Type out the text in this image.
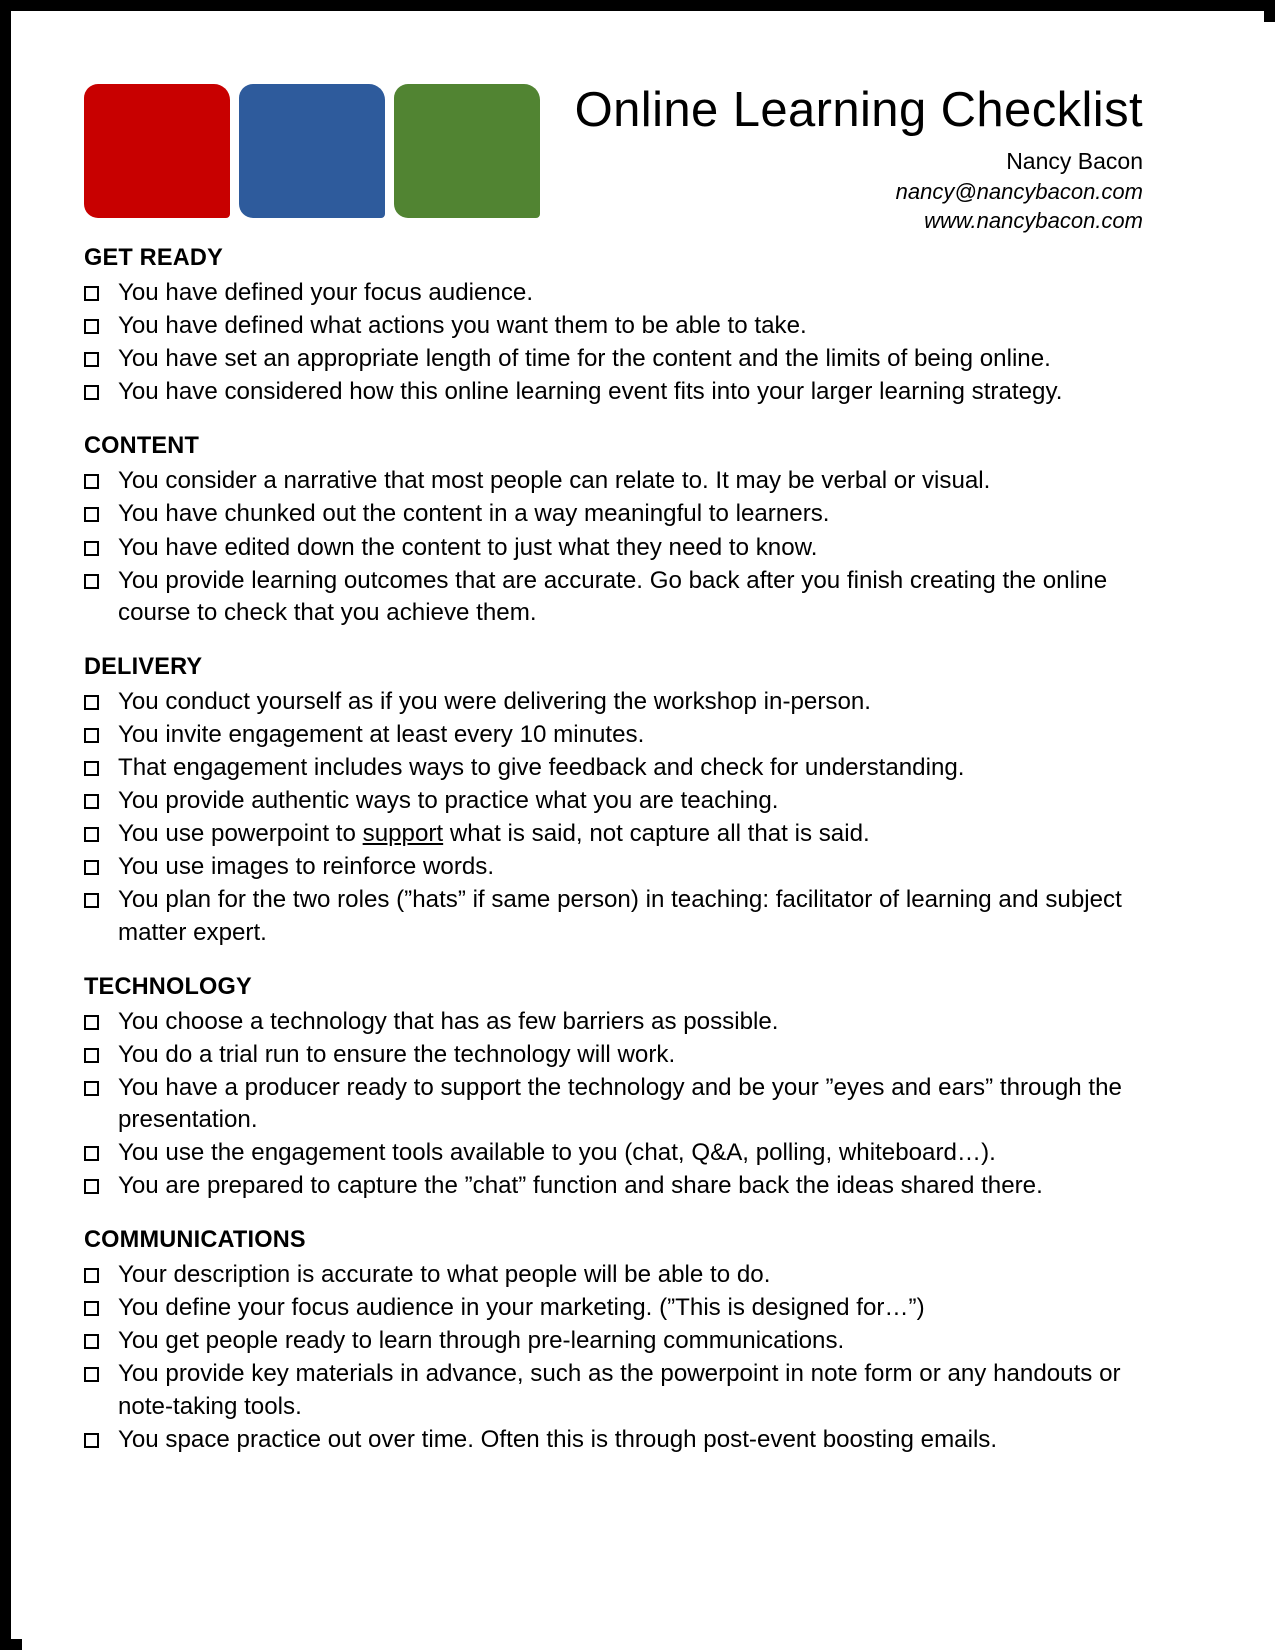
Online Learning Checklist
Nancy Bacon
nancy@nancybacon.com
www.nancybacon.com
GET READY
You have defined your focus audience.
You have defined what actions you want them to be able to take.
You have set an appropriate length of time for the content and the limits of being online.
You have considered how this online learning event fits into your larger learning strategy.
CONTENT
You consider a narrative that most people can relate to. It may be verbal or visual.
You have chunked out the content in a way meaningful to learners.
You have edited down the content to just what they need to know.
You provide learning outcomes that are accurate. Go back after you finish creating the online course to check that you achieve them.
DELIVERY
You conduct yourself as if you were delivering the workshop in-person.
You invite engagement at least every 10 minutes.
That engagement includes ways to give feedback and check for understanding.
You provide authentic ways to practice what you are teaching.
You use powerpoint to support what is said, not capture all that is said.
You use images to reinforce words.
You plan for the two roles (”hats” if same person) in teaching: facilitator of learning and subject matter expert.
TECHNOLOGY
You choose a technology that has as few barriers as possible.
You do a trial run to ensure the technology will work.
You have a producer ready to support the technology and be your ”eyes and ears” through the presentation.
You use the engagement tools available to you (chat, Q&A, polling, whiteboard…).
You are prepared to capture the ”chat” function and share back the ideas shared there.
COMMUNICATIONS
Your description is accurate to what people will be able to do.
You define your focus audience in your marketing. (”This is designed for…”)
You get people ready to learn through pre-learning communications.
You provide key materials in advance, such as the powerpoint in note form or any handouts or note-taking tools.
You space practice out over time. Often this is through post-event boosting emails.
